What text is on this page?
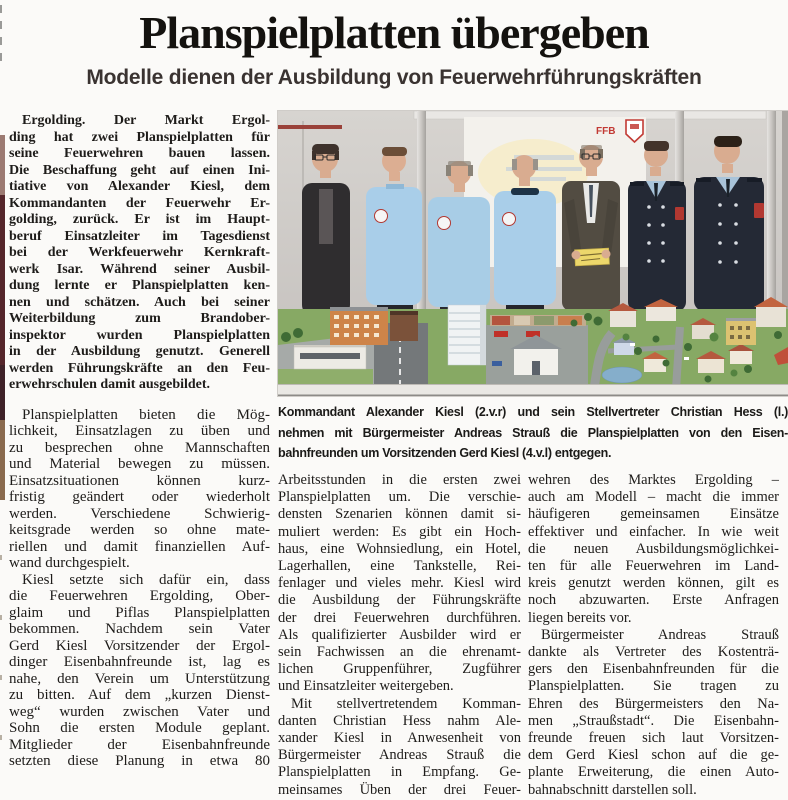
Planspielplatten übergeben
Modelle dienen der Ausbildung von Feuerwehrführungskräften
Ergolding. Der Markt Ergol-
ding hat zwei Planspielplatten für
seine Feuerwehren bauen lassen.
Die Beschaffung geht auf einen Ini-
tiative von Alexander Kiesl, dem
Kommandanten der Feuerwehr Er-
golding, zurück. Er ist im Haupt-
beruf Einsatzleiter im Tagesdienst
bei der Werkfeuerwehr Kernkraft-
werk Isar. Während seiner Ausbil-
dung lernte er Planspielplatten ken-
nen und schätzen. Auch bei seiner
Weiterbildung zum Brandober-
inspektor wurden Planspielplatten
in der Ausbildung genutzt. Generell
werden Führungskräfte an den Feu-
erwehrschulen damit ausgebildet.
Planspielplatten bieten die Mög-
lichkeit, Einsatzlagen zu üben und
zu besprechen ohne Mannschaften
und Material bewegen zu müssen.
Einsatzsituationen können kurz-
fristig geändert oder wiederholt
werden. Verschiedene Schwierig-
keitsgrade werden so ohne mate-
riellen und damit finanziellen Auf-
wand durchgespielt.
Kiesl setzte sich dafür ein, dass
die Feuerwehren Ergolding, Ober-
glaim und Piflas Planspielplatten
bekommen. Nachdem sein Vater
Gerd Kiesl Vorsitzender der Ergol-
dinger Eisenbahnfreunde ist, lag es
nahe, den Verein um Unterstützung
zu bitten. Auf dem „kurzen Dienst-
weg“ wurden zwischen Vater und
Sohn die ersten Module geplant.
Mitglieder der Eisenbahnfreunde
setzten diese Planung in etwa 80
FFB
Kommandant Alexander Kiesl (2.v.r) und sein Stellvertreter Christian Hess (l.)
nehmen mit Bürgermeister Andreas Strauß die Planspielplatten von den Eisen-
bahnfreunden um Vorsitzenden Gerd Kiesl (4.v.l) entgegen.
Arbeitsstunden in die ersten zwei
Planspielplatten um. Die verschie-
densten Szenarien können damit si-
muliert werden: Es gibt ein Hoch-
haus, eine Wohnsiedlung, ein Hotel,
Lagerhallen, eine Tankstelle, Rei-
fenlager und vieles mehr. Kiesl wird
die Ausbildung der Führungskräfte
der drei Feuerwehren durchführen.
Als qualifizierter Ausbilder wird er
sein Fachwissen an die ehrenamt-
lichen Gruppenführer, Zugführer
und Einsatzleiter weitergeben.
Mit stellvertretendem Komman-
danten Christian Hess nahm Ale-
xander Kiesl in Anwesenheit von
Bürgermeister Andreas Strauß die
Planspielplatten in Empfang. Ge-
meinsames Üben der drei Feuer-
wehren des Marktes Ergolding –
auch am Modell – macht die immer
häufigeren gemeinsamen Einsätze
effektiver und einfacher. In wie weit
die neuen Ausbildungsmöglichkei-
ten für alle Feuerwehren im Land-
kreis genutzt werden können, gilt es
noch abzuwarten. Erste Anfragen
liegen bereits vor.
Bürgermeister Andreas Strauß
dankte als Vertreter des Kostenträ-
gers den Eisenbahnfreunden für die
Planspielplatten. Sie tragen zu
Ehren des Bürgermeisters den Na-
men „Straußstadt“. Die Eisenbahn-
freunde freuen sich laut Vorsitzen-
dem Gerd Kiesl schon auf die ge-
plante Erweiterung, die einen Auto-
bahnabschnitt darstellen soll.
